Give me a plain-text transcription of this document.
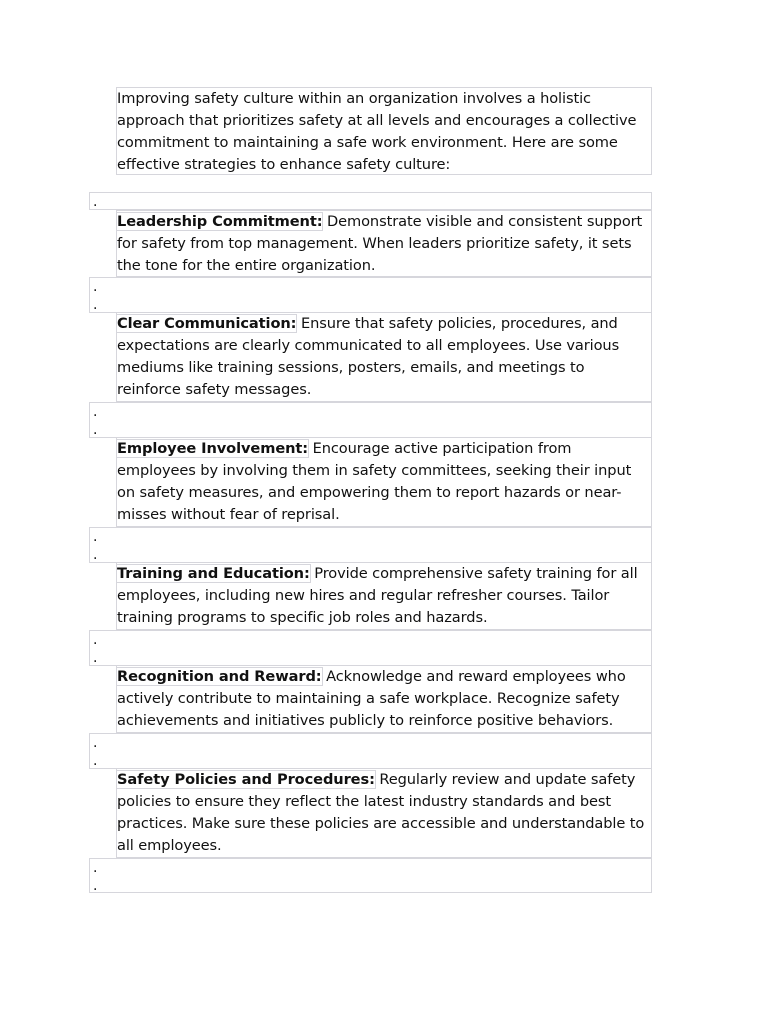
Improving safety culture within an organization involves a holistic approach that prioritizes safety at all levels and encourages a collective commitment to maintaining a safe work environment. Here are some effective strategies to enhance safety culture:
.
Leadership Commitment: Demonstrate visible and consistent support for safety from top management. When leaders prioritize safety, it sets the tone for the entire organization.
.
.
Clear Communication: Ensure that safety policies, procedures, and expectations are clearly communicated to all employees. Use various mediums like training sessions, posters, emails, and meetings to reinforce safety messages.
.
.
Employee Involvement: Encourage active participation from employees by involving them in safety committees, seeking their input on safety measures, and empowering them to report hazards or near-misses without fear of reprisal.
.
.
Training and Education: Provide comprehensive safety training for all employees, including new hires and regular refresher courses. Tailor training programs to specific job roles and hazards.
.
.
Recognition and Reward: Acknowledge and reward employees who actively contribute to maintaining a safe workplace. Recognize safety achievements and initiatives publicly to reinforce positive behaviors.
.
.
Safety Policies and Procedures: Regularly review and update safety policies to ensure they reflect the latest industry standards and best practices. Make sure these policies are accessible and understandable to all employees.
.
.
